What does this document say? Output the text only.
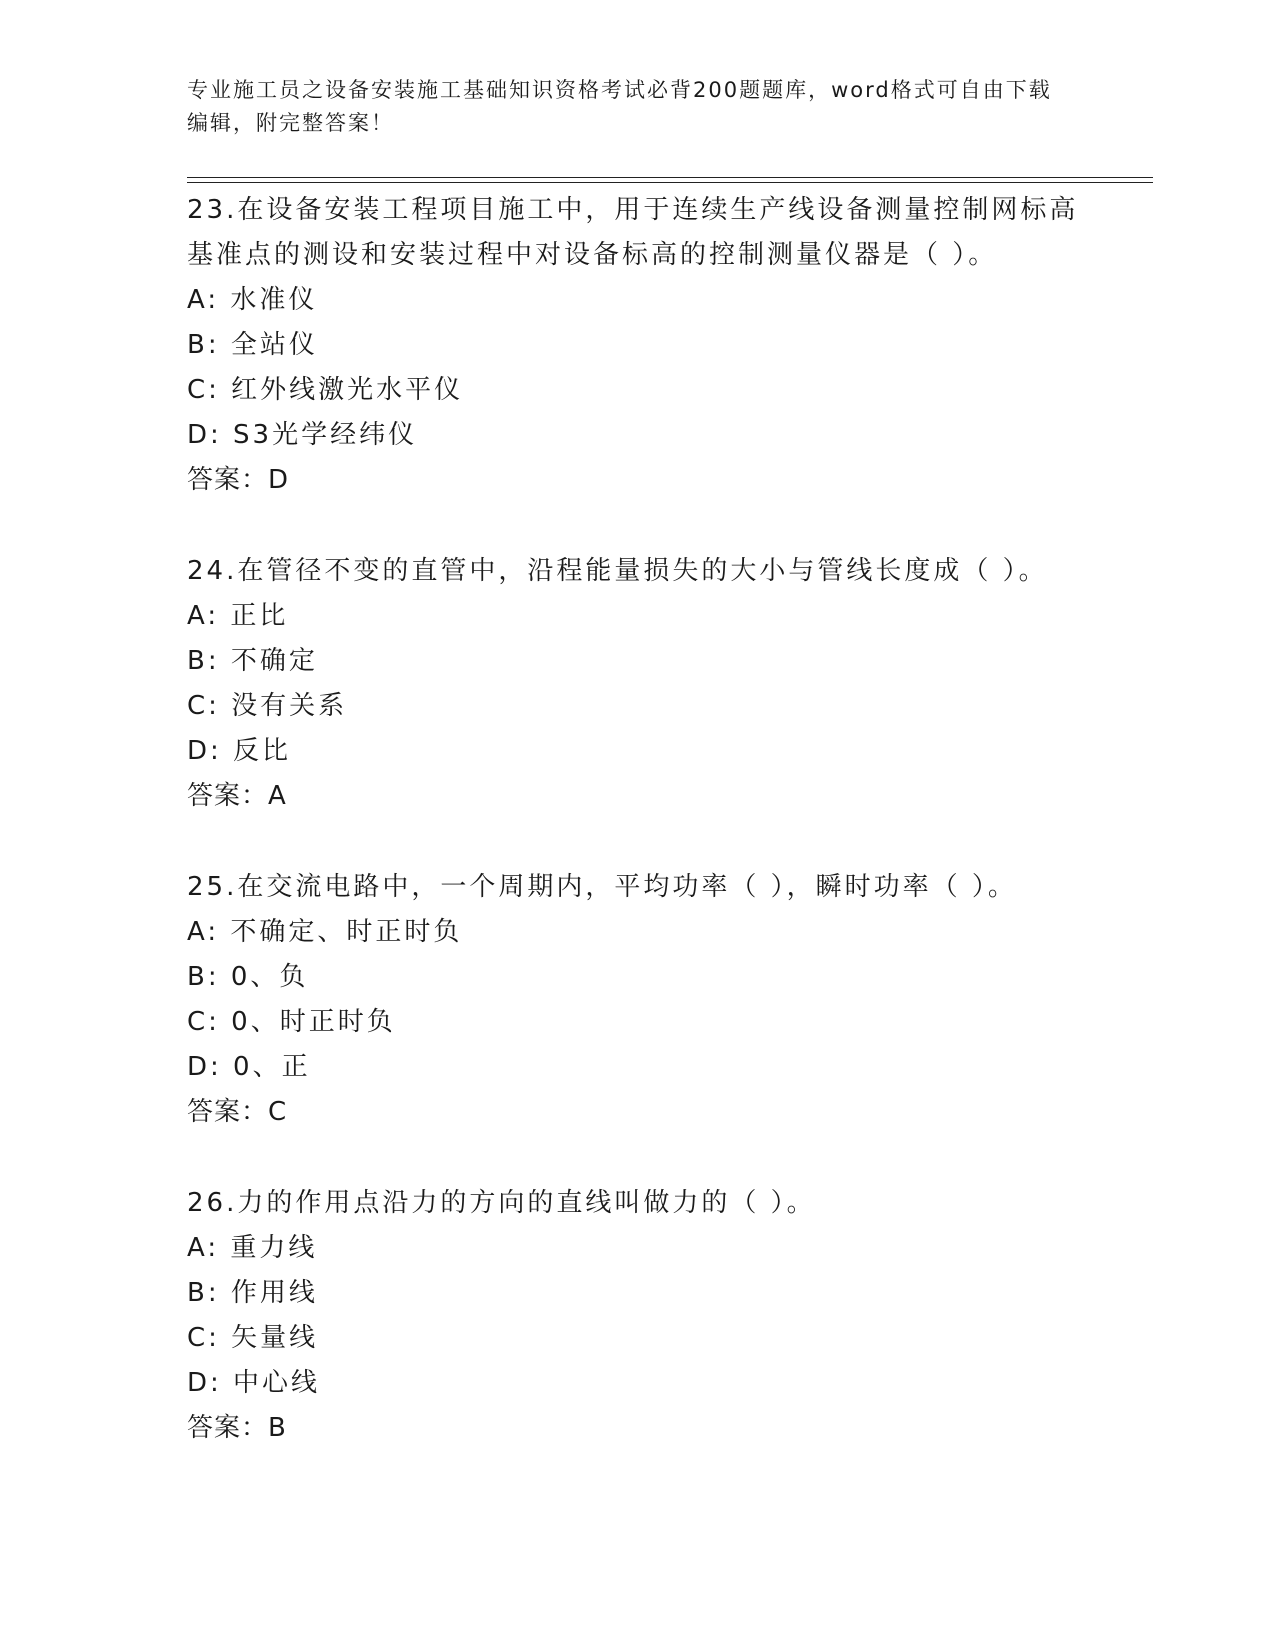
专业施工员之设备安装施工基础知识资格考试必背200题题库，word格式可自由下载编辑，附完整答案！
23.在设备安装工程项目施工中，用于连续生产线设备测量控制网标高基准点的测设和安装过程中对设备标高的控制测量仪器是（ ）。
A: 水准仪
B: 全站仪
C: 红外线激光水平仪
D: S3光学经纬仪
答案：D
24.在管径不变的直管中，沿程能量损失的大小与管线长度成（ ）。
A: 正比
B: 不确定
C: 没有关系
D: 反比
答案：A
25.在交流电路中，一个周期内，平均功率（ ），瞬时功率（ ）。
A: 不确定、时正时负
B: 0、负
C: 0、时正时负
D: 0、正
答案：C
26.力的作用点沿力的方向的直线叫做力的（ ）。
A: 重力线
B: 作用线
C: 矢量线
D: 中心线
答案：B
